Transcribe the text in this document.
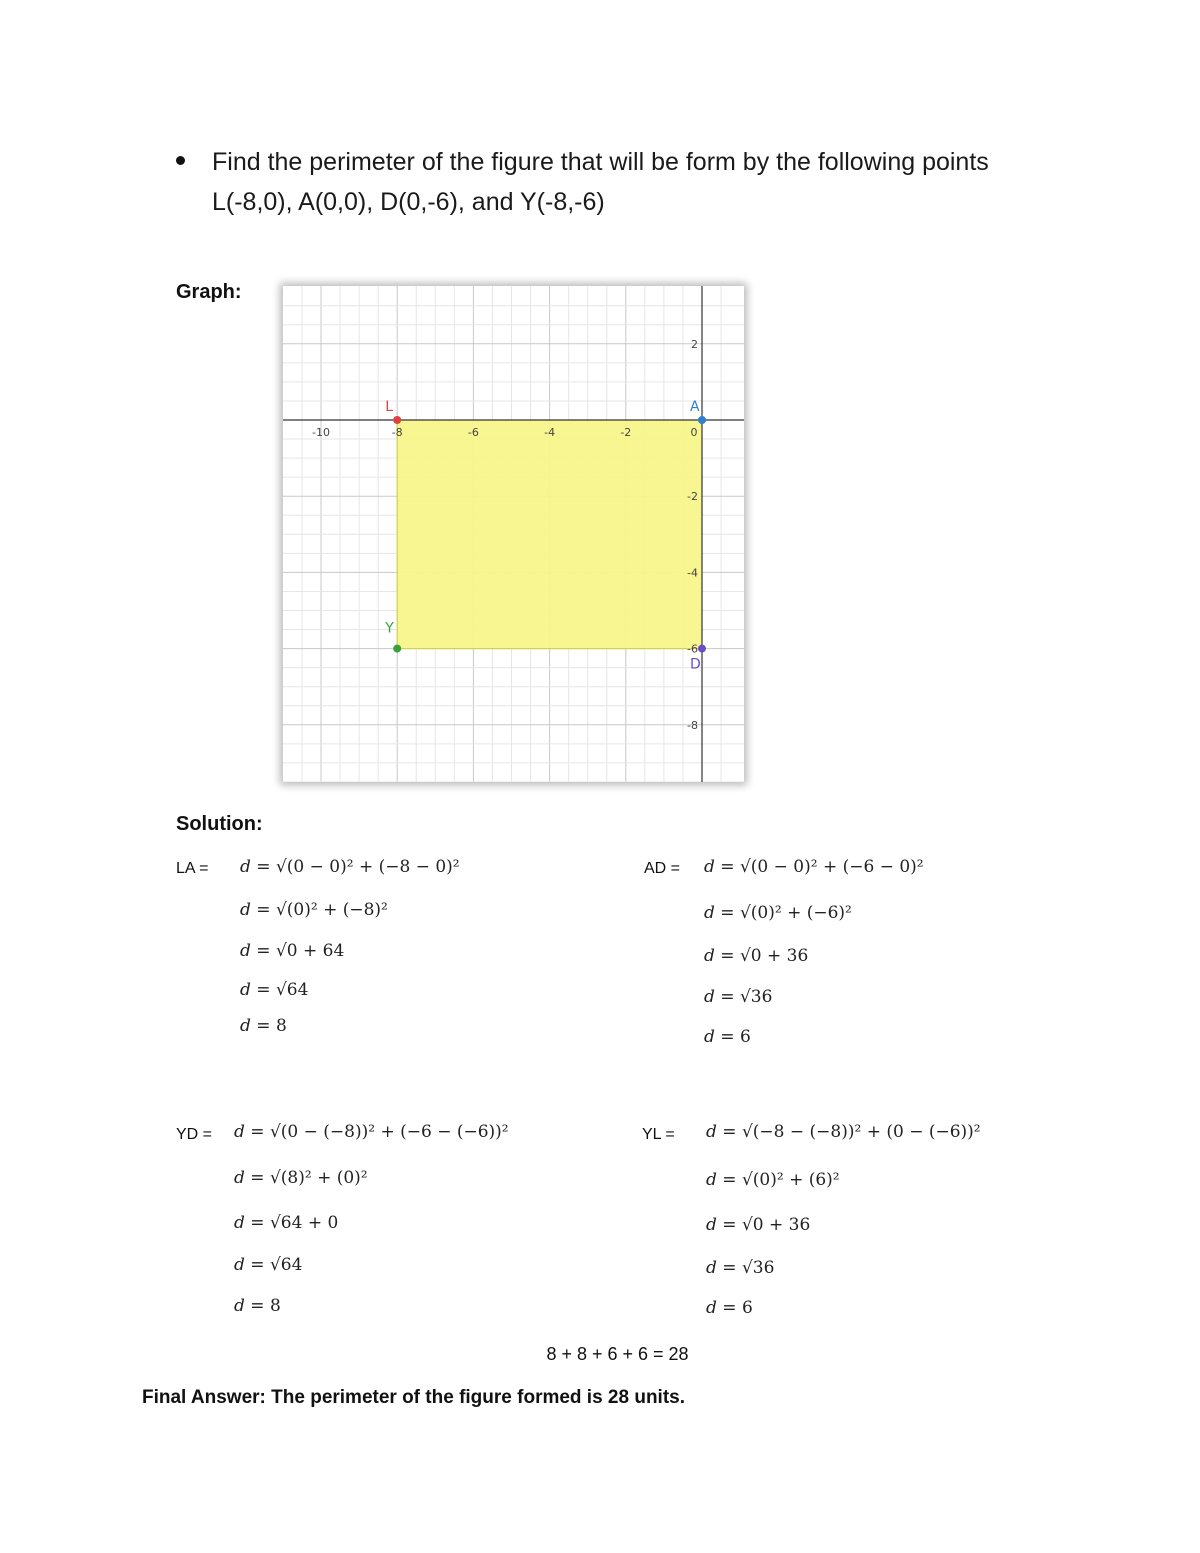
Find the perimeter of the figure that will be form by the following points L(-8,0), A(0,0), D(0,-6), and Y(-8,-6)
Graph:
-10	-8	-6	-4	-2	0
2
-2
-4
-6
-8
L	A
D
Y
Solution:
LA = d = √(0 − 0)² + (−8 − 0)²
d = √(0)² + (−8)²
d = √0 + 64
d = √64
d = 8
AD = d = √(0 − 0)² + (−6 − 0)²
d = √(0)² + (−6)²
d = √0 + 36
d = √36
d = 6
YD = d = √(0 − (−8))² + (−6 − (−6))²
d = √(8)² + (0)²
d = √64 + 0
d = √64
d = 8
YL = d = √(−8 − (−8))² + (0 − (−6))²
d = √(0)² + (6)²
d = √0 + 36
d = √36
d = 6
8 + 8 + 6 + 6 = 28
Final Answer: The perimeter of the figure formed is 28 units.
